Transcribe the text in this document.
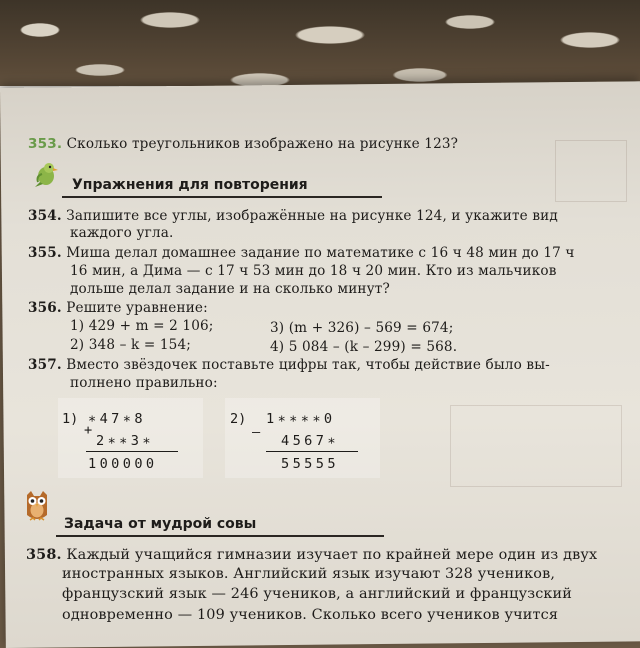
353. Сколько треугольников изображено на рисунке 123?
Упражнения для повторения
354. Запишите все углы, изображённые на рисунке 124, и укажите вид
каждого угла.
355. Миша делал домашнее задание по математике с 16 ч 48 мин до 17 ч
16 мин, а Дима — с 17 ч 53 мин до 18 ч 20 мин. Кто из мальчиков
дольше делал задание и на сколько минут?
356. Решите уравнение:
1) 429 + m = 2 106;	3) (m + 326) – 569 = 674;
2) 348 – k = 154;	4) 5 084 – (k – 299) = 568.
357. Вместо звёздочек поставьте цифры так, чтобы действие было вы-
полнено правильно:
1) ∗47∗8
+
2∗∗3∗
100000
2) 1∗∗∗∗0
–
4567∗
55555
Задача от мудрой совы
358. Каждый учащийся гимназии изучает по крайней мере один из двух
иностранных языков. Английский язык изучают 328 учеников,
французский язык — 246 учеников, а английский и французский
одновременно — 109 учеников. Сколько всего учеников учится
